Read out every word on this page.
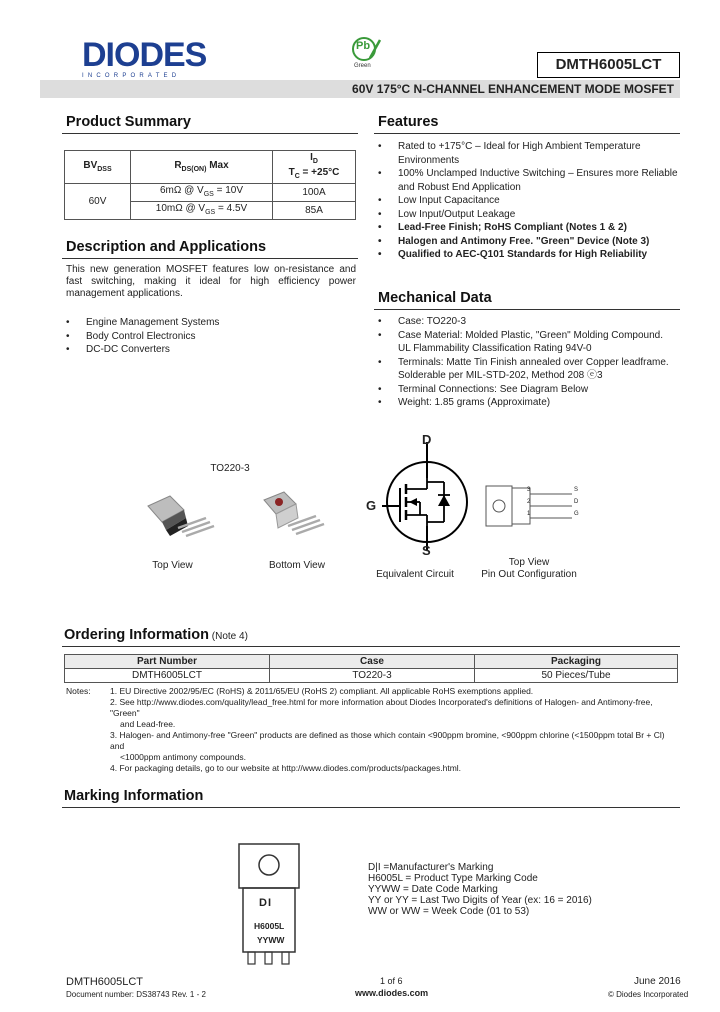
DIODES
INCORPORATED
Pb
Green	DMTH6005LCT
60V 175°C N-CHANNEL ENHANCEMENT MODE MOSFET
Product Summary
$BV_{DSS}$	$R_{DS(ON)}$ Max	$I_D$
$T_C = +25^\circ C$

60V	6mΩ @ $V_{GS} = 10V$	100A
	10mΩ @ $V_{GS} = 4.5V$	85A
Description and Applications
This new generation MOSFET features low on-resistance and fast switching, making it ideal for high efficiency power management applications.
• Engine Management Systems
• Body Control Electronics
• DC-DC Converters
Features
• Rated to +175°C – Ideal for High Ambient Temperature Environments
• 100% Unclamped Inductive Switching – Ensures more Reliable and Robust End Application
• Low Input Capacitance
• Low Input/Output Leakage
• Lead-Free Finish; RoHS Compliant (Notes 1 & 2)
• Halogen and Antimony Free. "Green" Device (Note 3)
• Qualified to AEC-Q101 Standards for High Reliability
Mechanical Data
• Case: TO220-3
• Case Material: Molded Plastic, "Green" Molding Compound. UL Flammability Classification Rating 94V-0
• Terminals: Matte Tin Finish annealed over Copper leadframe. Solderable per MIL-STD-202, Method 208 ⓔ3
• Terminal Connections: See Diagram Below
• Weight: 1.85 grams (Approximate)
TO220-3
Top View	Bottom View
D
G
S
Equivalent Circuit
3
2
1
S
D
G
Top View
Pin Out Configuration
Ordering Information (Note 4)
Part Number	Case	Packaging
DMTH6005LCT	TO220-3	50 Pieces/Tube
Notes: 1. EU Directive 2002/95/EC (RoHS) & 2011/65/EU (RoHS 2) compliant. All applicable RoHS exemptions applied.
2. See http://www.diodes.com/quality/lead_free.html for more information about Diodes Incorporated's definitions of Halogen- and Antimony-free, "Green"
and Lead-free.
3. Halogen- and Antimony-free "Green" products are defined as those which contain <900ppm bromine, <900ppm chlorine (<1500ppm total Br + Cl) and
<1000ppm antimony compounds.
4. For packaging details, go to our website at http://www.diodes.com/products/packages.html.
Marking Information
DI
H6005L
YYWW
D|I =Manufacturer's Marking
H6005L = Product Type Marking Code
YYWW = Date Code Marking
YY or YY = Last Two Digits of Year (ex: 16 = 2016)
WW or WW = Week Code (01 to 53)
DMTH6005LCT
Document number: DS38743 Rev. 1 - 2
1 of 6
www.diodes.com
June 2016
© Diodes Incorporated
